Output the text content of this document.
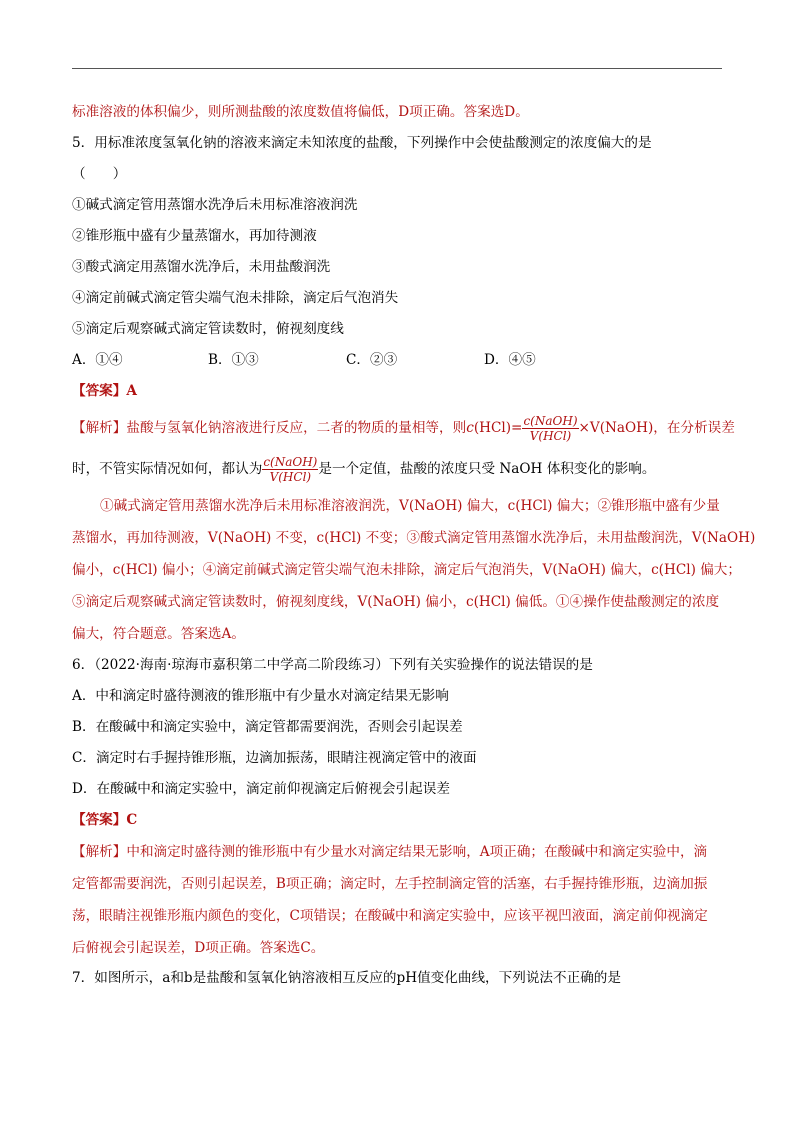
标准溶液的体积偏少，则所测盐酸的浓度数值将偏低，D项正确。答案选D。
5．用标准浓度氢氧化钠的溶液来滴定未知浓度的盐酸，下列操作中会使盐酸测定的浓度偏大的是
（　　）
①碱式滴定管用蒸馏水洗净后未用标准溶液润洗
②锥形瓶中盛有少量蒸馏水，再加待测液
③酸式滴定用蒸馏水洗净后，未用盐酸润洗
④滴定前碱式滴定管尖端气泡未排除，滴定后气泡消失
⑤滴定后观察碱式滴定管读数时，俯视刻度线
A．①④	B．①③	C．②③	D．④⑤
【答案】A
【解析】盐酸与氢氧化钠溶液进行反应，二者的物质的量相等，则$c(HCl)= \frac{\text{c(NaOH)}}{\text{V(HCl)}}$ ×V(NaOH)，在分析误差
时，不管实际情况如何，都认为 $\frac{\text{c(NaOH)}}{\text{V(HCl)}}$ 是一个定值，盐酸的浓度只受 NaOH 体积变化的影响。
①碱式滴定管用蒸馏水洗净后未用标准溶液润洗，V(NaOH) 偏大，c(HCl) 偏大；②锥形瓶中盛有少量
蒸馏水，再加待测液，V(NaOH) 不变，c(HCl) 不变；③酸式滴定管用蒸馏水洗净后，未用盐酸润洗，V(NaOH)
偏小，c(HCl) 偏小；④滴定前碱式滴定管尖端气泡未排除，滴定后气泡消失，V(NaOH) 偏大，c(HCl) 偏大；
⑤滴定后观察碱式滴定管读数时，俯视刻度线，V(NaOH) 偏小，c(HCl) 偏低。①④操作使盐酸测定的浓度
偏大，符合题意。答案选A。
6．（2022·海南·琼海市嘉积第二中学高二阶段练习）下列有关实验操作的说法错误的是
A．中和滴定时盛待测液的锥形瓶中有少量水对滴定结果无影响
B．在酸碱中和滴定实验中，滴定管都需要润洗，否则会引起误差
C．滴定时右手握持锥形瓶，边滴加振荡，眼睛注视滴定管中的液面
D．在酸碱中和滴定实验中，滴定前仰视滴定后俯视会引起误差
【答案】C
【解析】中和滴定时盛待测的锥形瓶中有少量水对滴定结果无影响，A项正确；在酸碱中和滴定实验中，滴
定管都需要润洗，否则引起误差，B项正确；滴定时，左手控制滴定管的活塞，右手握持锥形瓶，边滴加振
荡，眼睛注视锥形瓶内颜色的变化，C项错误；在酸碱中和滴定实验中，应该平视凹液面，滴定前仰视滴定
后俯视会引起误差，D项正确。答案选C。
7．如图所示，a和b是盐酸和氢氧化钠溶液相互反应的pH值变化曲线，下列说法不正确的是
